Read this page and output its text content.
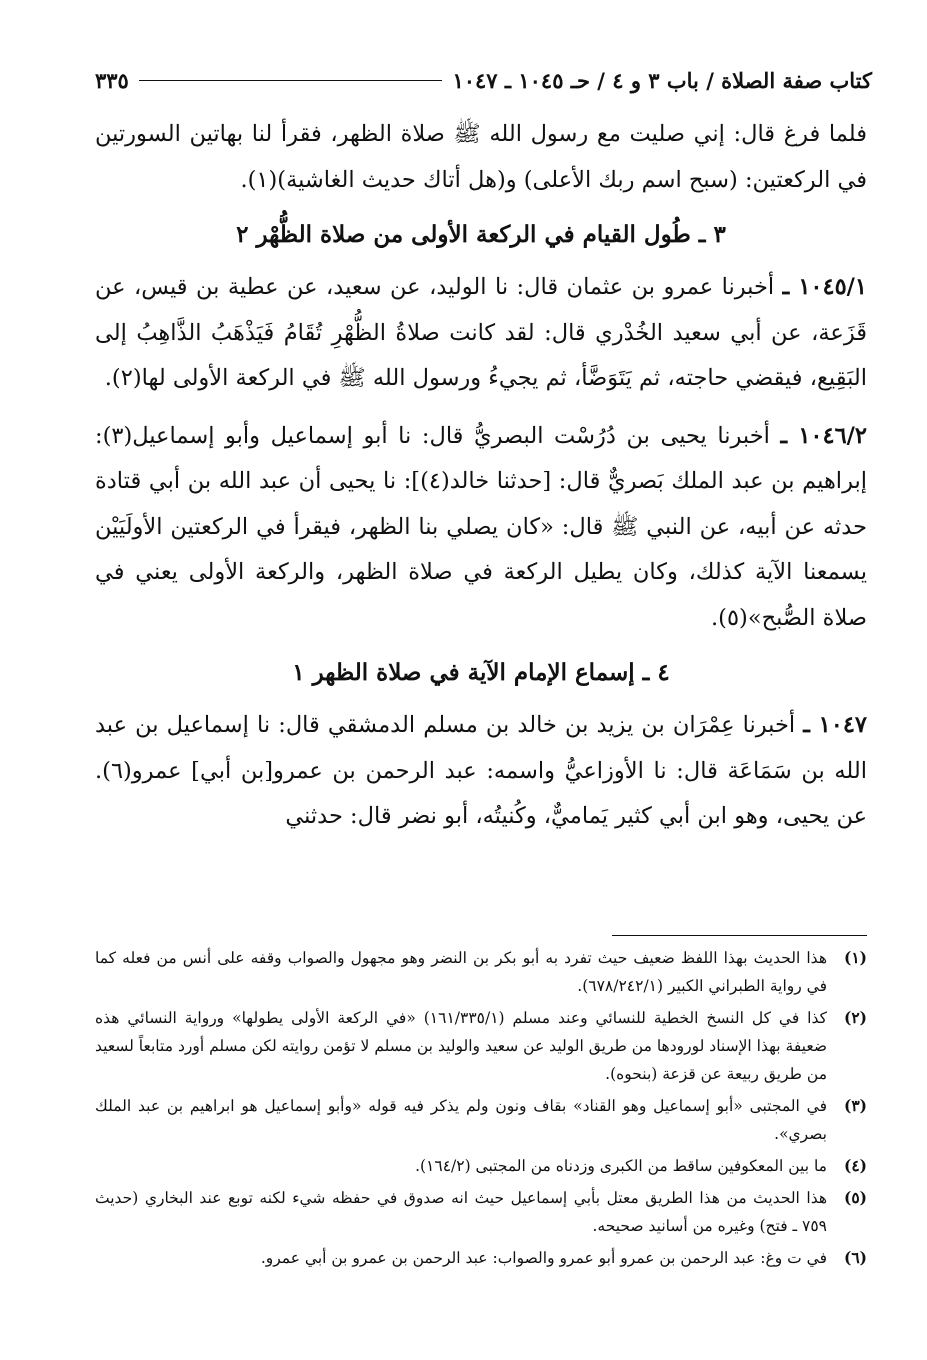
كتاب صفة الصلاة / باب ٣ و ٤ / حـ ١٠٤٥ ـ ١٠٤٧
٣٣٥

فلما فرغ قال: إني صليت مع رسول الله ﷺ صلاة الظهر، فقرأ لنا بهاتين السورتين في الركعتين: (سبح اسم ربك الأعلى) و(هل أتاك حديث الغاشية)(١).

٣ ـ طُول القيام في الركعة الأولى من صلاة الظُّهْر ٢

١٠٤٥/١ ـ أخبرنا عمرو بن عثمان قال: نا الوليد، عن سعيد، عن عطية بن قيس، عن قَزَعة، عن أبي سعيد الخُدْري قال: لقد كانت صلاةُ الظُّهْرِ تُقَامُ فَيَذْهَبُ الذَّاهِبُ إلى البَقِيع، فيقضي حاجته، ثم يَتَوَضَّأ، ثم يجيءُ ورسول الله ﷺ في الركعة الأولى لها(٢).

١٠٤٦/٢ ـ أخبرنا يحيى بن دُرُسْت البصريُّ قال: نا أبو إسماعيل وأبو إسماعيل(٣): إبراهيم بن عبد الملك بَصريٌّ قال: [حدثنا خالد(٤)]: نا يحيى أن عبد الله بن أبي قتادة حدثه عن أبيه، عن النبي ﷺ قال: «كان يصلي بنا الظهر، فيقرأ في الركعتين الأولَيَيْن يسمعنا الآية كذلك، وكان يطيل الركعة في صلاة الظهر، والركعة الأولى يعني في صلاة الصُّبح»(٥).

٤ ـ إسماع الإمام الآية في صلاة الظهر ١

١٠٤٧ ـ أخبرنا عِمْرَان بن يزيد بن خالد بن مسلم الدمشقي قال: نا إسماعيل بن عبد الله بن سَمَاعَة قال: نا الأوزاعيُّ واسمه: عبد الرحمن بن عمرو[بن أبي] عمرو(٦). عن يحيى، وهو ابن أبي كثير يَماميٌّ، وكُنيتُه، أبو نضر قال: حدثني

(١)
هذا الحديث بهذا اللفظ ضعيف حيث تفرد به أبو بكر بن النضر وهو مجهول والصواب وقفه على أنس من فعله كما في رواية الطبراني الكبير (٦٧٨/٢٤٢/١).
(٢)
كذا في كل النسخ الخطية للنسائي وعند مسلم (١٦١/٣٣٥/١) «في الركعة الأولى يطولها» ورواية النسائي هذه ضعيفة بهذا الإسناد لورودها من طريق الوليد عن سعيد والوليد بن مسلم لا تؤمن روايته لكن مسلم أورد متابعاً لسعيد من طريق ربيعة عن قزعة (بنحوه).
(٣)
في المجتبى «أبو إسماعيل وهو القناد» بقاف ونون ولم يذكر فيه قوله «وأبو إسماعيل هو ابراهيم بن عبد الملك بصري».
(٤)
ما بين المعكوفين ساقط من الكبرى وزدناه من المجتبى (١٦٤/٢).
(٥)
هذا الحديث من هذا الطريق معتل بأبي إسماعيل حيث انه صدوق في حفظه شيء لكنه توبع عند البخاري (حديث ٧٥٩ ـ فتح) وغيره من أسانيد صحيحه.
(٦)
في ت وغ: عبد الرحمن بن عمرو أبو عمرو والصواب: عبد الرحمن بن عمرو بن أبي عمرو.
